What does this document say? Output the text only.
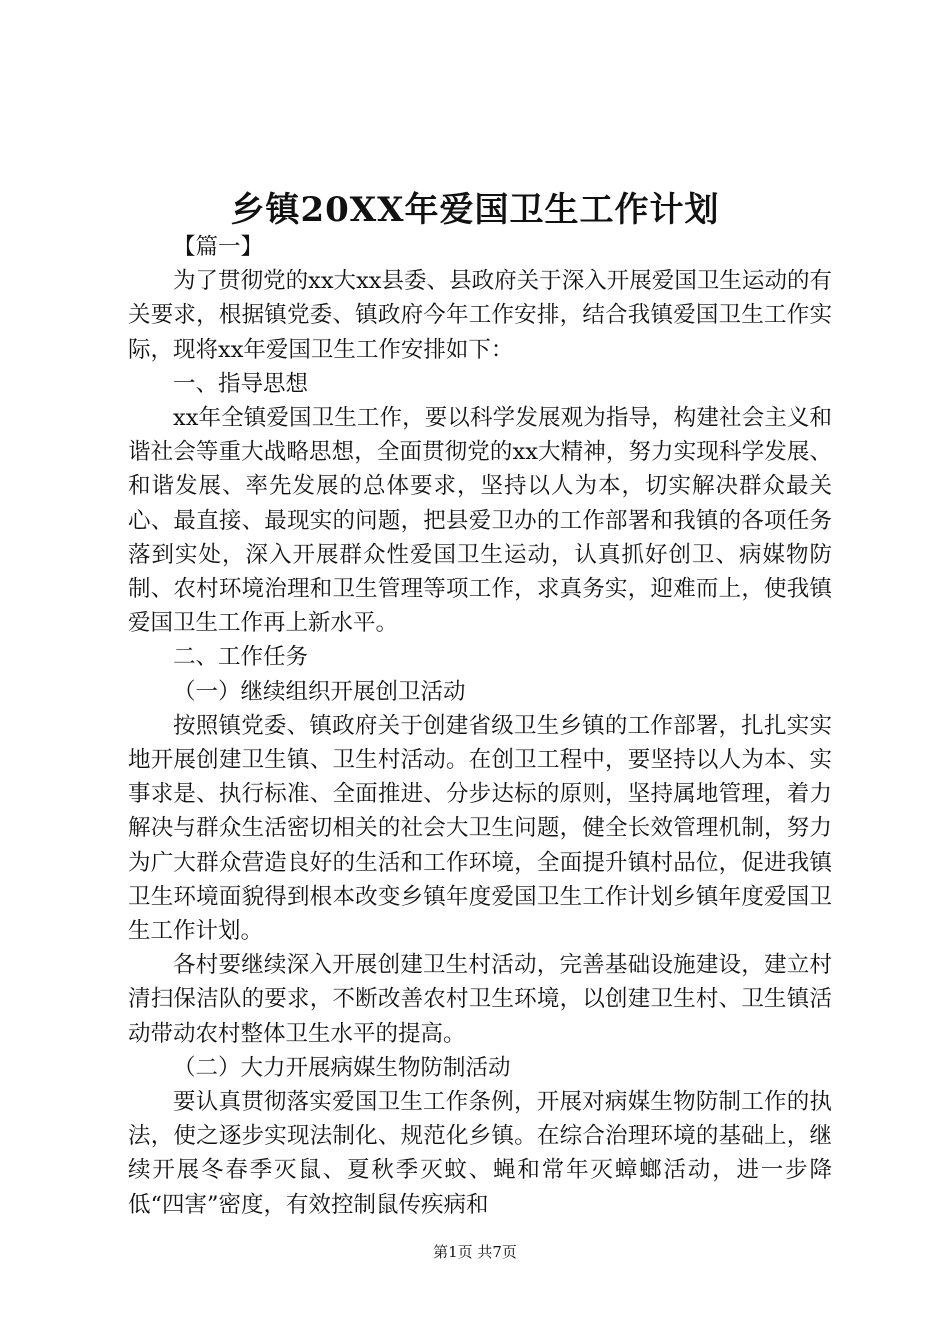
乡镇20XX年爱国卫生工作计划

【篇一】

为了贯彻党的xx大xx县委、县政府关于深入开展爱国卫生运动的有关要求，根据镇党委、镇政府今年工作安排，结合我镇爱国卫生工作实际，现将xx年爱国卫生工作安排如下：

一、指导思想

xx年全镇爱国卫生工作，要以科学发展观为指导，构建社会主义和谐社会等重大战略思想，全面贯彻党的xx大精神，努力实现科学发展、和谐发展、率先发展的总体要求，坚持以人为本，切实解决群众最关心、最直接、最现实的问题，把县爱卫办的工作部署和我镇的各项任务落到实处，深入开展群众性爱国卫生运动，认真抓好创卫、病媒物防制、农村环境治理和卫生管理等项工作，求真务实，迎难而上，使我镇爱国卫生工作再上新水平。

二、工作任务

（一）继续组织开展创卫活动

按照镇党委、镇政府关于创建省级卫生乡镇的工作部署，扎扎实实地开展创建卫生镇、卫生村活动。在创卫工程中，要坚持以人为本、实事求是、执行标准、全面推进、分步达标的原则，坚持属地管理，着力解决与群众生活密切相关的社会大卫生问题，健全长效管理机制，努力为广大群众营造良好的生活和工作环境，全面提升镇村品位，促进我镇卫生环境面貌得到根本改变乡镇年度爱国卫生工作计划乡镇年度爱国卫生工作计划。

各村要继续深入开展创建卫生村活动，完善基础设施建设，建立村清扫保洁队的要求，不断改善农村卫生环境，以创建卫生村、卫生镇活动带动农村整体卫生水平的提高。

（二）大力开展病媒生物防制活动

要认真贯彻落实爱国卫生工作条例，开展对病媒生物防制工作的执法，使之逐步实现法制化、规范化乡镇。在综合治理环境的基础上，继续开展冬春季灭鼠、夏秋季灭蚊、蝇和常年灭蟑螂活动，进一步降低“四害”密度，有效控制鼠传疾病和

第1页 共7页
